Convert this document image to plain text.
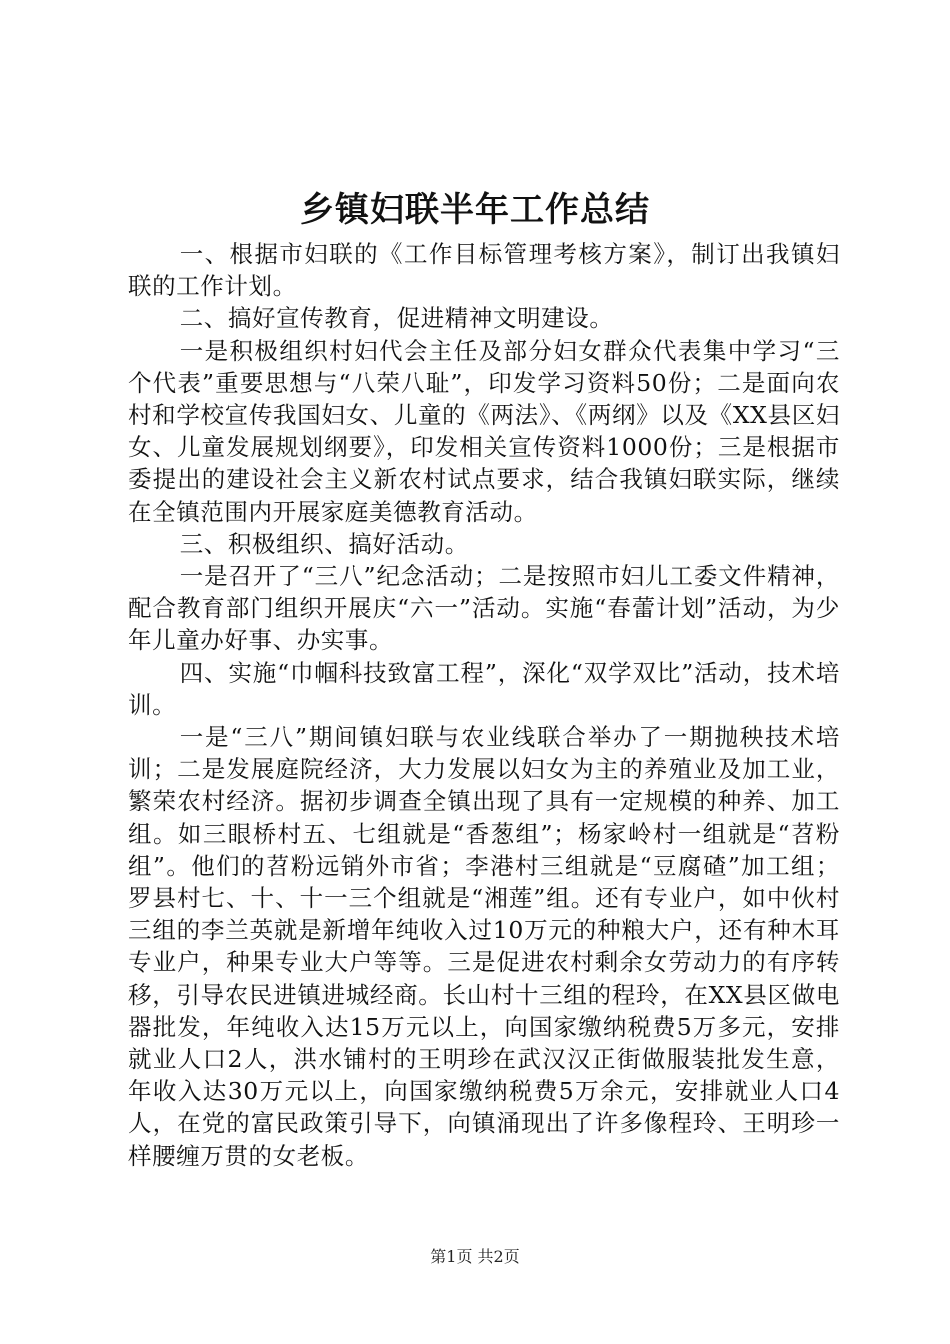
乡镇妇联半年工作总结

一、根据市妇联的《工作目标管理考核方案》，制订出我镇妇联的工作计划。

二、搞好宣传教育，促进精神文明建设。

一是积极组织村妇代会主任及部分妇女群众代表集中学习“三个代表”重要思想与“八荣八耻”，印发学习资料50份；二是面向农村和学校宣传我国妇女、儿童的《两法》、《两纲》以及《XX县区妇女、儿童发展规划纲要》，印发相关宣传资料1000份；三是根据市委提出的建设社会主义新农村试点要求，结合我镇妇联实际，继续在全镇范围内开展家庭美德教育活动。

三、积极组织、搞好活动。

一是召开了“三八”纪念活动；二是按照市妇儿工委文件精神，配合教育部门组织开展庆“六一”活动。实施“春蕾计划”活动，为少年儿童办好事、办实事。

四、实施“巾帼科技致富工程”，深化“双学双比”活动，技术培训。

一是“三八”期间镇妇联与农业线联合举办了一期抛秧技术培训；二是发展庭院经济，大力发展以妇女为主的养殖业及加工业，繁荣农村经济。据初步调查全镇出现了具有一定规模的种养、加工组。如三眼桥村五、七组就是“香葱组”；杨家岭村一组就是“苕粉组”。他们的苕粉远销外市省；李港村三组就是“豆腐碴”加工组；罗县村七、十、十一三个组就是“湘莲”组。还有专业户，如中伙村三组的李兰英就是新增年纯收入过10万元的种粮大户，还有种木耳专业户，种果专业大户等等。三是促进农村剩余女劳动力的有序转移，引导农民进镇进城经商。长山村十三组的程玲，在XX县区做电器批发，年纯收入达15万元以上，向国家缴纳税费5万多元，安排就业人口2人，洪水铺村的王明珍在武汉汉正街做服装批发生意，年收入达30万元以上，向国家缴纳税费5万余元，安排就业人口4人，在党的富民政策引导下，向镇涌现出了许多像程玲、王明珍一样腰缠万贯的女老板。

第1页 共2页
